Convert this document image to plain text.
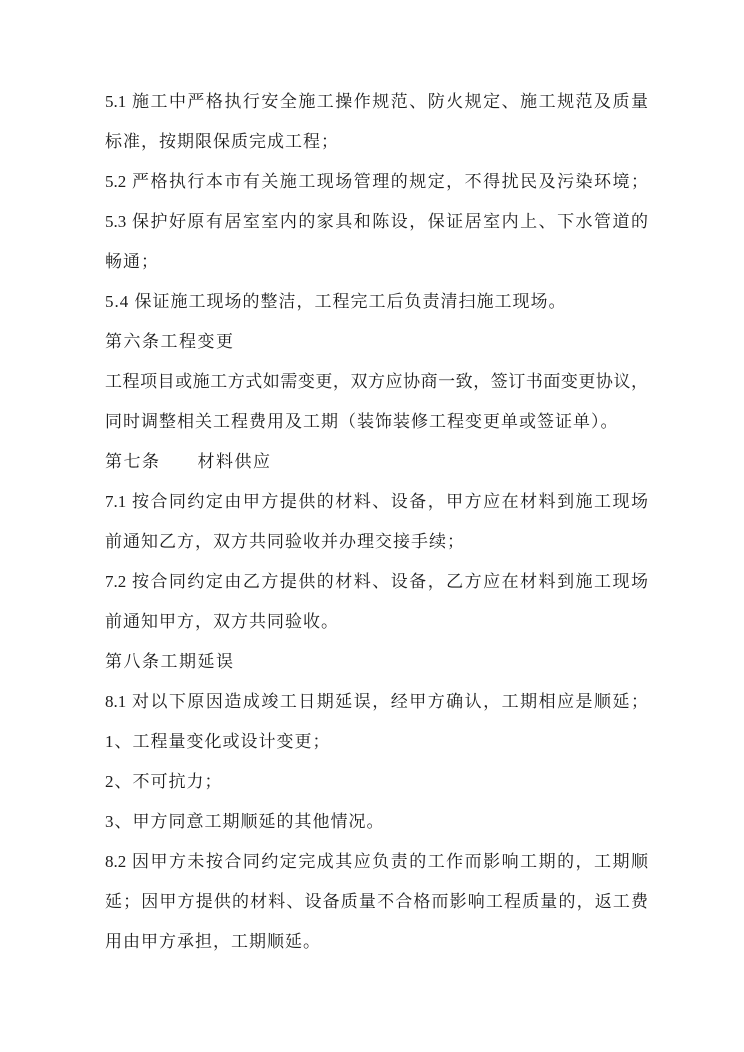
5.1 施工中严格执行安全施工操作规范、防火规定、施工规范及质量
标准，按期限保质完成工程；
5.2 严格执行本市有关施工现场管理的规定，不得扰民及污染环境；
5.3 保护好原有居室室内的家具和陈设，保证居室内上、下水管道的
畅通；
5.4 保证施工现场的整洁，工程完工后负责清扫施工现场。
第六条工程变更
工程项目或施工方式如需变更，双方应协商一致，签订书面变更协议，
同时调整相关工程费用及工期（装饰装修工程变更单或签证单）。
第七条　　材料供应
7.1 按合同约定由甲方提供的材料、设备，甲方应在材料到施工现场
前通知乙方，双方共同验收并办理交接手续；
7.2 按合同约定由乙方提供的材料、设备，乙方应在材料到施工现场
前通知甲方，双方共同验收。
第八条工期延误
8.1 对以下原因造成竣工日期延误，经甲方确认，工期相应是顺延；
1、工程量变化或设计变更；
2、不可抗力；
3、甲方同意工期顺延的其他情况。
8.2 因甲方未按合同约定完成其应负责的工作而影响工期的，工期顺
延；因甲方提供的材料、设备质量不合格而影响工程质量的，返工费
用由甲方承担，工期顺延。
